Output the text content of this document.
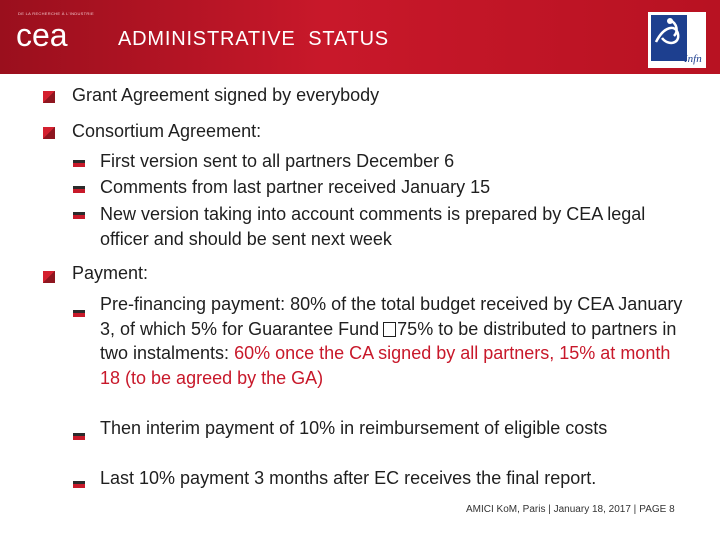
DE LA RECHERCHE À L'INDUSTRIE
cea	ADMINISTRATIVE  STATUS
Infn
Grant Agreement signed by everybody
Consortium Agreement:
First version sent to all partners December 6
Comments from last partner received January 15
New version taking into account comments is prepared by CEA legal officer and should be sent next week
Payment:
Pre-financing payment: 80% of the total budget received by CEA January 3, of which 5% for Guarantee Fund 75% to be distributed to partners in two instalments: 60% once the CA signed by all partners, 15% at month 18 (to be agreed by the GA)
Then interim payment of 10% in reimbursement of eligible costs
Last 10% payment 3 months after EC receives the final report.
AMICI KoM, Paris | January 18, 2017 | PAGE 8
